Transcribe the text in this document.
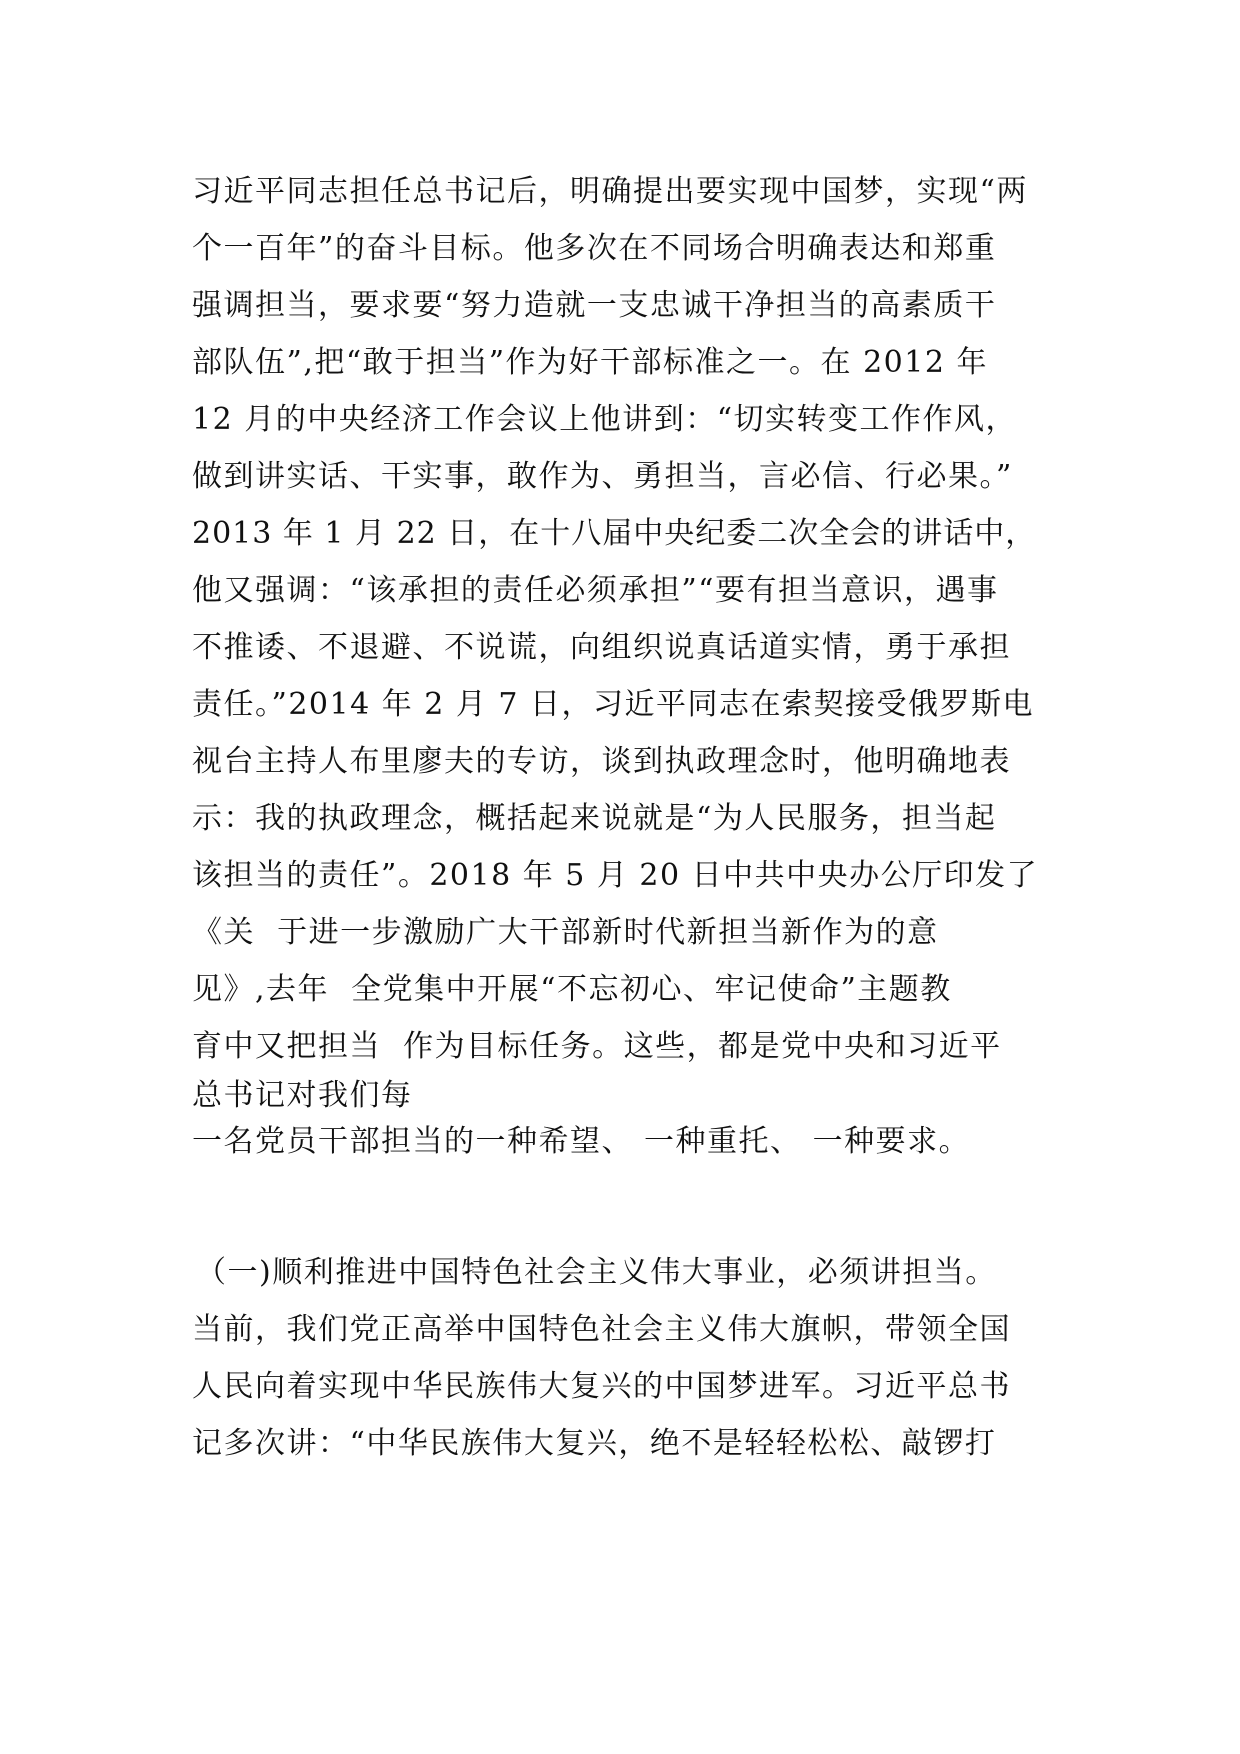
习近平同志担任总书记后，明确提出要实现中国梦，实现“两

个一百年”的奋斗目标。他多次在不同场合明确表达和郑重

强调担当，要求要“努力造就一支忠诚干净担当的高素质干

部队伍”,把“敢于担当”作为好干部标准之一。在 2012 年

12 月的中央经济工作会议上他讲到：“切实转变工作作风，

做到讲实话、干实事，敢作为、勇担当，言必信、行必果。”

2013 年 1 月 22 日，在十八届中央纪委二次全会的讲话中，

他又强调：“该承担的责任必须承担”“要有担当意识，遇事

不推诿、不退避、不说谎，向组织说真话道实情，勇于承担

责任。”2014 年 2 月 7 日，习近平同志在索契接受俄罗斯电

视台主持人布里廖夫的专访，谈到执政理念时，他明确地表

示：我的执政理念，概括起来说就是“为人民服务，担当起

该担当的责任”。2018 年 5 月 20 日中共中央办公厅印发了

《关  于进一步激励广大干部新时代新担当新作为的意

见》,去年  全党集中开展“不忘初心、牢记使命”主题教

育中又把担当  作为目标任务。这些，都是党中央和习近平

总书记对我们每

一名党员干部担当的一种希望、 一种重托、 一种要求。

（一)顺利推进中国特色社会主义伟大事业，必须讲担当。

当前，我们党正高举中国特色社会主义伟大旗帜，带领全国

人民向着实现中华民族伟大复兴的中国梦进军。习近平总书

记多次讲：“中华民族伟大复兴，绝不是轻轻松松、敲锣打
